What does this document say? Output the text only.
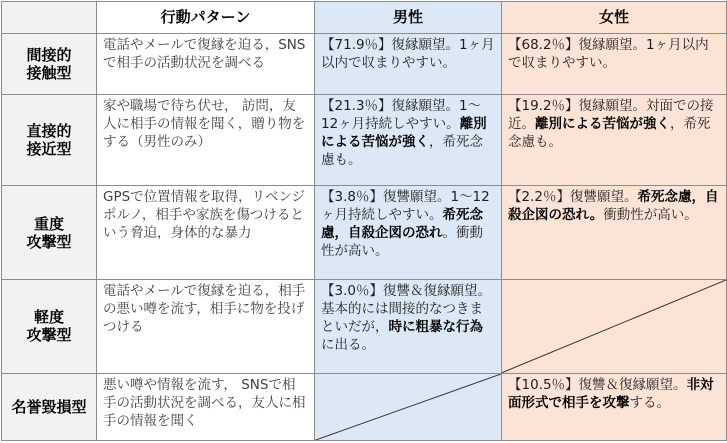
	行動パターン	男性	女性
間接的
接触型	電話やメールで復縁を迫る，SNSで相手の活動状況を調べる	【71.9％】復縁願望。1ヶ月以内で収まりやすい。	【68.2％】復縁願望。1ヶ月以内で収まりやすい。
直接的
接近型	家や職場で待ち伏せ， 訪問，友人に相手の情報を聞く，贈り物をする（男性のみ）	【21.3％】復縁願望。1〜12ヶ月持続しやすい。離別による苦悩が強く，希死念慮も。	【19.2％】復縁願望。対面での接近。離別による苦悩が強く，希死念慮も。
重度
攻撃型	GPSで位置情報を取得，リベンジポルノ，相手や家族を傷つけるという脅迫，身体的な暴力	【3.8％】復讐願望。1〜12ヶ月持続しやすい。希死念慮，自殺企図の恐れ。衝動性が高い。	【2.2％】復讐願望。希死念慮，自殺企図の恐れ。衝動性が高い。
軽度
攻撃型	電話やメールで復縁を迫る，相手の悪い噂を流す，相手に物を投げつける	【3.0％】復讐＆復縁願望。基本的には間接的なつきまといだが，時に粗暴な行為に出る。	

名誉毀損型	悪い噂や情報を流す， SNSで相手の活動状況を調べる，友人に相手の情報を聞く		【10.5％】復讐＆復縁願望。非対面形式で相手を攻撃する。
